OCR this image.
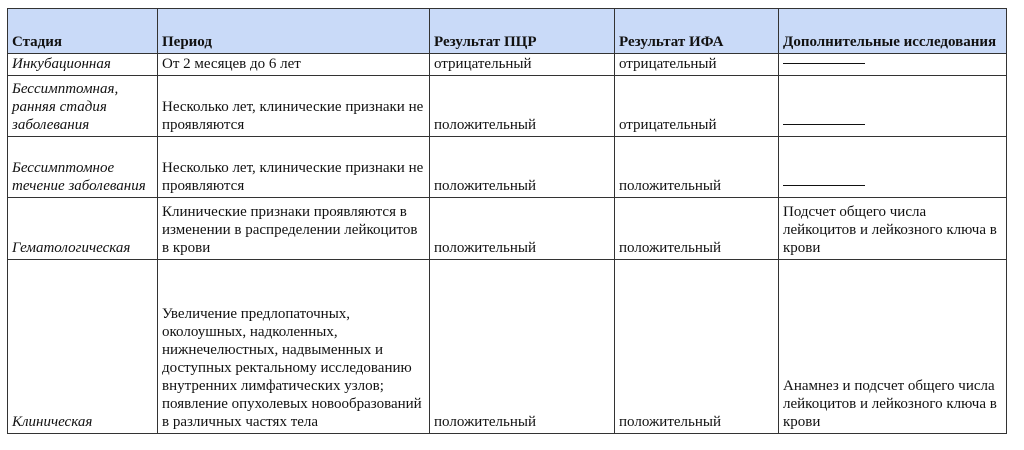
Стадия	Период	Результат ПЦР	Результат ИФА	Дополнительные исследования
Инкубационная	От 2 месяцев до 6 лет	отрицательный	отрицательный	
Бессимптомная, ранняя стадия заболевания	Несколько лет, клинические признаки не проявляются	положительный	отрицательный	
Бессимптомное течение заболевания	Несколько лет, клинические признаки не проявляются	положительный	положительный	
Гематологическая	Клинические признаки проявляются в изменении в распределении лейкоцитов в крови	положительный	положительный	Подсчет общего числа лейкоцитов и лейкозного ключа в крови
Клиническая	Увеличение предлопаточных, околоушных, надколенных, нижнечелюстных, надвыменных и доступных ректальному исследованию внутренних лимфатических узлов; появление опухолевых новообразований в различных частях тела	положительный	положительный	Анамнез и подсчет общего числа лейкоцитов и лейкозного ключа в крови
